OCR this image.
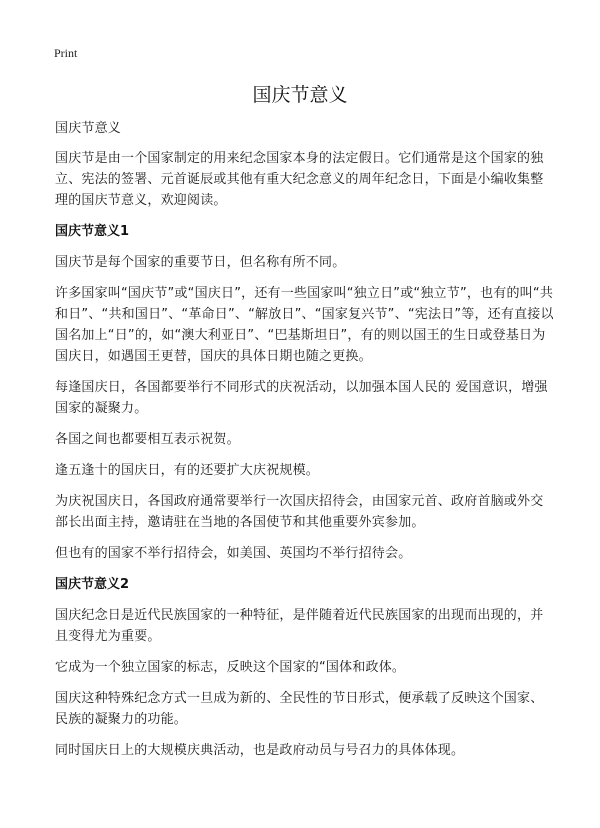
Print
国庆节意义

国庆节意义

国庆节是由一个国家制定的用来纪念国家本身的法定假日。它们通常是这个国家的独立、宪法的签署、元首诞辰或其他有重大纪念意义的周年纪念日，下面是小编收集整理的国庆节意义，欢迎阅读。

国庆节意义1

国庆节是每个国家的重要节日，但名称有所不同。

许多国家叫“国庆节”或“国庆日”，还有一些国家叫“独立日”或“独立节”，也有的叫“共和日”、“共和国日”、“革命日”、“解放日”、“国家复兴节”、“宪法日”等，还有直接以国名加上“日”的，如“澳大利亚日”、“巴基斯坦日”，有的则以国王的生日或登基日为国庆日，如遇国王更替，国庆的具体日期也随之更换。

每逢国庆日，各国都要举行不同形式的庆祝活动，以加强本国人民的 爱国意识，增强国家的凝聚力。

各国之间也都要相互表示祝贺。

逢五逢十的国庆日，有的还要扩大庆祝规模。

为庆祝国庆日，各国政府通常要举行一次国庆招待会，由国家元首、政府首脑或外交部长出面主持，邀请驻在当地的各国使节和其他重要外宾参加。

但也有的国家不举行招待会，如美国、英国均不举行招待会。

国庆节意义2

国庆纪念日是近代民族国家的一种特征，是伴随着近代民族国家的出现而出现的，并且变得尤为重要。

它成为一个独立国家的标志，反映这个国家的“国体和政体。

国庆这种特殊纪念方式一旦成为新的、全民性的节日形式，便承载了反映这个国家、民族的凝聚力的功能。

同时国庆日上的大规模庆典活动，也是政府动员与号召力的具体体现。
